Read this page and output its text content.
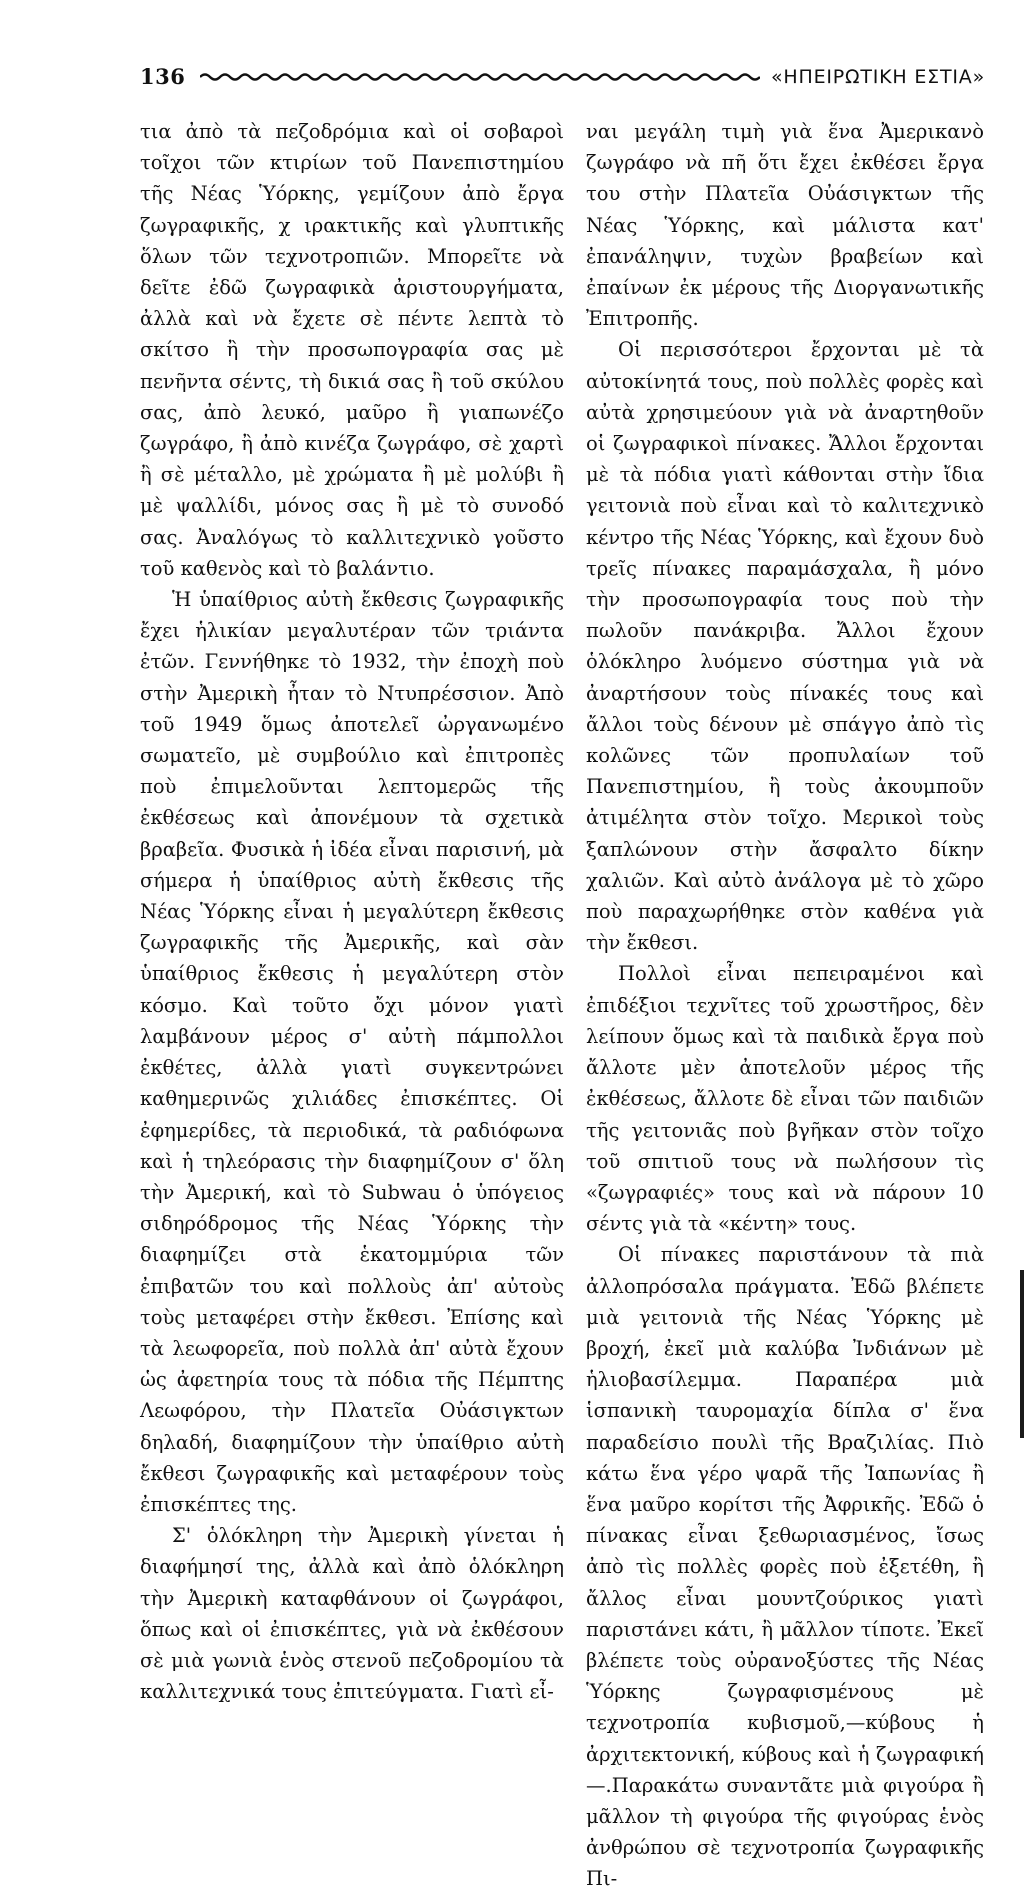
136	«ΗΠΕΙΡΩΤΙΚΗ ΕΣΤΙΑ»

τια ἀπὸ τὰ πεζοδρόμια καὶ οἱ σοβαροὶ τοῖχοι τῶν κτιρίων τοῦ Πανεπιστημίου τῆς Νέας Ὑόρκης, γεμίζουν ἀπὸ ἔργα ζωγραφικῆς, χ ιρακτικῆς καὶ γλυπτικῆς ὅλων τῶν τεχνοτροπιῶν. Μπορεῖτε νὰ δεῖτε ἐδῶ ζωγραφικὰ ἀριστουργήματα, ἀλλὰ καὶ νὰ ἔχετε σὲ πέντε λεπτὰ τὸ σκίτσο ἢ τὴν προσωπογραφία σας μὲ πενῆντα σέντς, τὴ δικιά σας ἢ τοῦ σκύλου σας, ἀπὸ λευκό, μαῦρο ἢ γιαπωνέζο ζωγράφο, ἢ ἀπὸ κινέζα ζωγράφο, σὲ χαρτὶ ἢ σὲ μέταλλο, μὲ χρώματα ἢ μὲ μολύβι ἢ μὲ ψαλλίδι, μόνος σας ἢ μὲ τὸ συνοδό σας. Ἀναλόγως τὸ καλλιτεχνικὸ γοῦστο τοῦ καθενὸς καὶ τὸ βαλάντιο.

Ἡ ὑπαίθριος αὐτὴ ἔκθεσις ζωγραφικῆς ἔχει ἡλικίαν μεγαλυτέραν τῶν τριάντα ἐτῶν. Γεννήθηκε τὸ 1932, τὴν ἐποχὴ ποὺ στὴν Ἀμερικὴ ἦταν τὸ Ντυπρέσσιον. Ἀπὸ τοῦ 1949 ὅμως ἀποτελεῖ ὠργανωμένο σωματεῖο, μὲ συμβούλιο καὶ ἐπιτροπὲς ποὺ ἐπιμελοῦνται λεπτομερῶς τῆς ἐκθέσεως καὶ ἀπονέμουν τὰ σχετικὰ βραβεῖα. Φυσικὰ ἡ ἰδέα εἶναι παρισινή, μὰ σήμερα ἡ ὑπαίθριος αὐτὴ ἔκθεσις τῆς Νέας Ὑόρκης εἶναι ἡ μεγαλύτερη ἔκθεσις ζωγραφικῆς τῆς Ἀμερικῆς, καὶ σὰν ὑπαίθριος ἔκθεσις ἡ μεγαλύτερη στὸν κόσμο. Καὶ τοῦτο ὄχι μόνον γιατὶ λαμβάνουν μέρος σ' αὐτὴ πάμπολλοι ἐκθέτες, ἀλλὰ γιατὶ συγκεντρώνει καθημερινῶς χιλιάδες ἐπισκέπτες. Οἱ ἐφημερίδες, τὰ περιοδικά, τὰ ραδιόφωνα καὶ ἡ τηλεόρασις τὴν διαφημίζουν σ' ὅλη τὴν Ἀμερική, καὶ τὸ Subwau ὁ ὑπόγειος σιδηρόδρομος τῆς Νέας Ὑόρκης τὴν διαφημίζει στὰ ἑκατομμύρια τῶν ἐπιβατῶν του καὶ πολλοὺς ἀπ' αὐτοὺς τοὺς μεταφέρει στὴν ἔκθεσι. Ἐπίσης καὶ τὰ λεωφορεῖα, ποὺ πολλὰ ἀπ' αὐτὰ ἔχουν ὡς ἀφετηρία τους τὰ πόδια τῆς Πέμπτης Λεωφόρου, τὴν Πλατεῖα Οὐάσιγκτων δηλαδή, διαφημίζουν τὴν ὑπαίθριο αὐτὴ ἔκθεσι ζωγραφικῆς καὶ μεταφέρουν τοὺς ἐπισκέπτες της.

Σ' ὁλόκληρη τὴν Ἀμερικὴ γίνεται ἡ διαφήμησί της, ἀλλὰ καὶ ἀπὸ ὁλόκληρη τὴν Ἀμερικὴ καταφθάνουν οἱ ζωγράφοι, ὅπως καὶ οἱ ἐπισκέπτες, γιὰ νὰ ἐκθέσουν σὲ μιὰ γωνιὰ ἑνὸς στενοῦ πεζοδρομίου τὰ καλλιτεχνικά τους ἐπιτεύγματα. Γιατὶ εἶ-

ναι μεγάλη τιμὴ γιὰ ἕνα Ἀμερικανὸ ζωγράφο νὰ πῆ ὅτι ἔχει ἐκθέσει ἔργα του στὴν Πλατεῖα Οὐάσιγκτων τῆς Νέας Ὑόρκης, καὶ μάλιστα κατ' ἐπανάληψιν, τυχὼν βραβείων καὶ ἐπαίνων ἐκ μέρους τῆς Διοργανωτικῆς Ἐπιτροπῆς.

Οἱ περισσότεροι ἔρχονται μὲ τὰ αὐτοκίνητά τους, ποὺ πολλὲς φορὲς καὶ αὐτὰ χρησιμεύουν γιὰ νὰ ἀναρτηθοῦν οἱ ζωγραφικοὶ πίνακες. Ἄλλοι ἔρχονται μὲ τὰ πόδια γιατὶ κάθονται στὴν ἴδια γειτονιὰ ποὺ εἶναι καὶ τὸ καλιτεχνικὸ κέντρο τῆς Νέας Ὑόρκης, καὶ ἔχουν δυὸ τρεῖς πίνακες παραμάσχαλα, ἢ μόνο τὴν προσωπογραφία τους ποὺ τὴν πωλοῦν πανάκριβα. Ἄλλοι ἔχουν ὁλόκληρο λυόμενο σύστημα γιὰ νὰ ἀναρτήσουν τοὺς πίνακές τους καὶ ἄλλοι τοὺς δένουν μὲ σπάγγο ἀπὸ τὶς κολῶνες τῶν προπυλαίων τοῦ Πανεπιστημίου, ἢ τοὺς ἀκουμποῦν ἀτιμέλητα στὸν τοῖχο. Μερικοὶ τοὺς ξαπλώνουν στὴν ἄσφαλτο δίκην χαλιῶν. Καὶ αὐτὸ ἀνάλογα μὲ τὸ χῶρο ποὺ παραχωρήθηκε στὸν καθένα γιὰ τὴν ἔκθεσι.

Πολλοὶ εἶναι πεπειραμένοι καὶ ἐπιδέξιοι τεχνῖτες τοῦ χρωστῆρος, δὲν λείπουν ὅμως καὶ τὰ παιδικὰ ἔργα ποὺ ἄλλοτε μὲν ἀποτελοῦν μέρος τῆς ἐκθέσεως, ἄλλοτε δὲ εἶναι τῶν παιδιῶν τῆς γειτονιᾶς ποὺ βγῆκαν στὸν τοῖχο τοῦ σπιτιοῦ τους νὰ πωλήσουν τὶς «ζωγραφιές» τους καὶ νὰ πάρουν 10 σέντς γιὰ τὰ «κέντη» τους.

Οἱ πίνακες παριστάνουν τὰ πιὰ ἀλλοπρόσαλα πράγματα. Ἐδῶ βλέπετε μιὰ γειτονιὰ τῆς Νέας Ὑόρκης μὲ βροχή, ἐκεῖ μιὰ καλύβα Ἰνδιάνων μὲ ἡλιοβασίλεμμα. Παραπέρα μιὰ ἱσπανικὴ ταυρομαχία δίπλα σ' ἕνα παραδείσιο πουλὶ τῆς Βραζιλίας. Πιὸ κάτω ἕνα γέρο ψαρᾶ τῆς Ἰαπωνίας ἢ ἕνα μαῦρο κορίτσι τῆς Ἀφρικῆς. Ἐδῶ ὁ πίνακας εἶναι ξεθωριασμένος, ἴσως ἀπὸ τὶς πολλὲς φορὲς ποὺ ἐξετέθη, ἢ ἄλλος εἶναι μουντζούρικος γιατὶ παριστάνει κάτι, ἢ μᾶλλον τίποτε. Ἐκεῖ βλέπετε τοὺς οὐρανοξύστες τῆς Νέας Ὑόρκης ζωγραφισμένους μὲ τεχνοτροπία κυβισμοῦ,—κύβους ἡ ἀρχιτεκτονική, κύβους καὶ ἡ ζωγραφική—.Παρακάτω συναντᾶτε μιὰ φιγούρα ἢ μᾶλλον τὴ φιγούρα τῆς φιγούρας ἑνὸς ἀνθρώπου σὲ τεχνοτροπία ζωγραφικῆς Πι-
